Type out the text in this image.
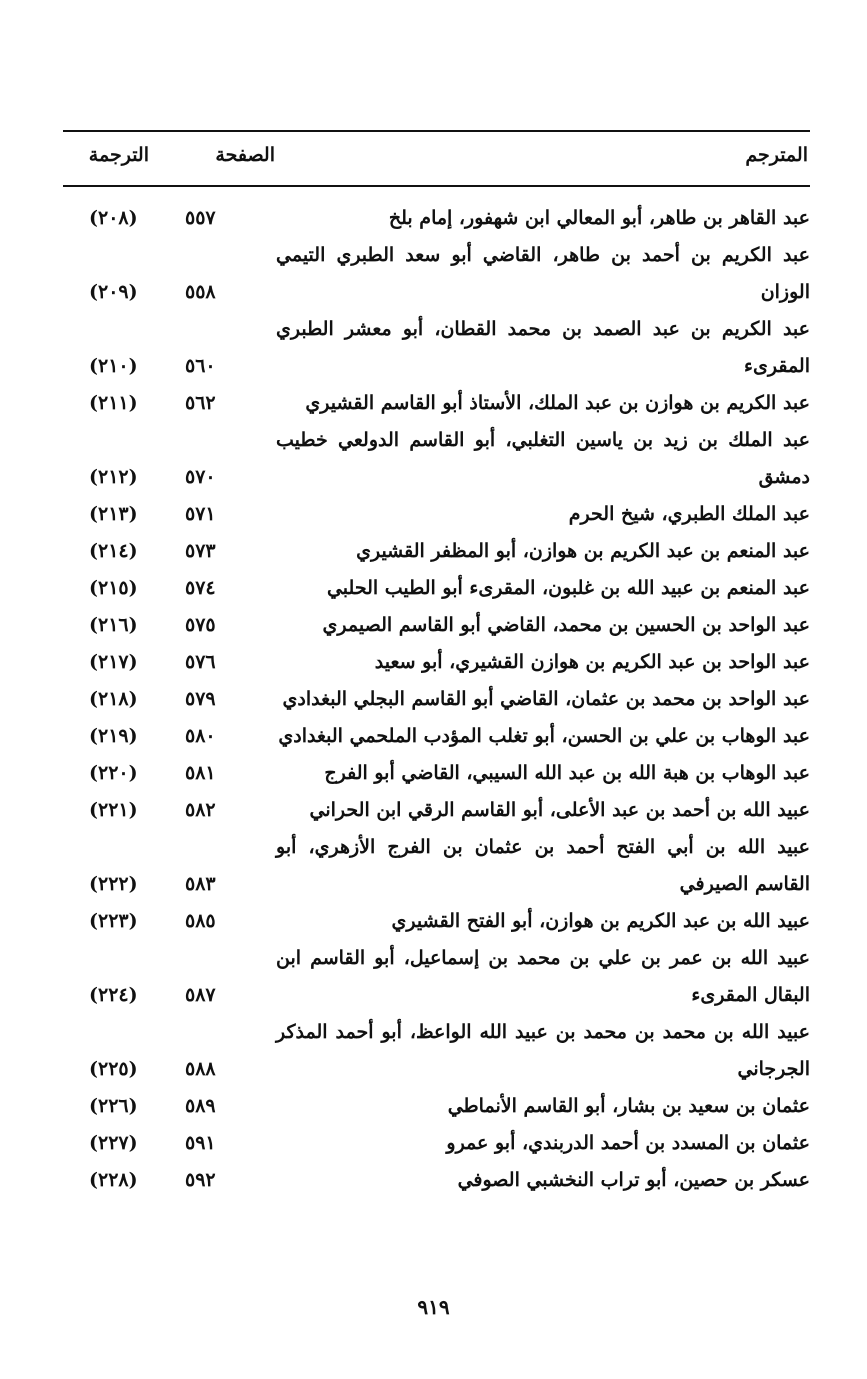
المترجم
الصفحة
الترجمة
عبد القاهر بن طاهر، أبو المعالي ابن شهفور، إمام بلخ
٥٥٧
(٢٠٨)
عبد الكريم بن أحمد بن طاهر، القاضي أبو سعد الطبري التيمي الوزان
٥٥٨
(٢٠٩)
عبد الكريم بن عبد الصمد بن محمد القطان، أبو معشر الطبري المقرىء
٥٦٠
(٢١٠)
عبد الكريم بن هوازن بن عبد الملك، الأستاذ أبو القاسم القشيري
٥٦٢
(٢١١)
عبد الملك بن زيد بن ياسين التغلبي، أبو القاسم الدولعي خطيب دمشق
٥٧٠
(٢١٢)
عبد الملك الطبري، شيخ الحرم
٥٧١
(٢١٣)
عبد المنعم بن عبد الكريم بن هوازن، أبو المظفر القشيري
٥٧٣
(٢١٤)
عبد المنعم بن عبيد الله بن غلبون، المقرىء أبو الطيب الحلبي
٥٧٤
(٢١٥)
عبد الواحد بن الحسين بن محمد، القاضي أبو القاسم الصيمري
٥٧٥
(٢١٦)
عبد الواحد بن عبد الكريم بن هوازن القشيري، أبو سعيد
٥٧٦
(٢١٧)
عبد الواحد بن محمد بن عثمان، القاضي أبو القاسم البجلي البغدادي
٥٧٩
(٢١٨)
عبد الوهاب بن علي بن الحسن، أبو تغلب المؤدب الملحمي البغدادي
٥٨٠
(٢١٩)
عبد الوهاب بن هبة الله بن عبد الله السيبي، القاضي أبو الفرج
٥٨١
(٢٢٠)
عبيد الله بن أحمد بن عبد الأعلى، أبو القاسم الرقي ابن الحراني
٥٨٢
(٢٢١)
عبيد الله بن أبي الفتح أحمد بن عثمان بن الفرج الأزهري، أبو القاسم الصيرفي
٥٨٣
(٢٢٢)
عبيد الله بن عبد الكريم بن هوازن، أبو الفتح القشيري
٥٨٥
(٢٢٣)
عبيد الله بن عمر بن علي بن محمد بن إسماعيل، أبو القاسم ابن البقال المقرىء
٥٨٧
(٢٢٤)
عبيد الله بن محمد بن محمد بن عبيد الله الواعظ، أبو أحمد المذكر الجرجاني
٥٨٨
(٢٢٥)
عثمان بن سعيد بن بشار، أبو القاسم الأنماطي
٥٨٩
(٢٢٦)
عثمان بن المسدد بن أحمد الدربندي، أبو عمرو
٥٩١
(٢٢٧)
عسكر بن حصين، أبو تراب النخشبي الصوفي
٥٩٢
(٢٢٨)
٩١٩
